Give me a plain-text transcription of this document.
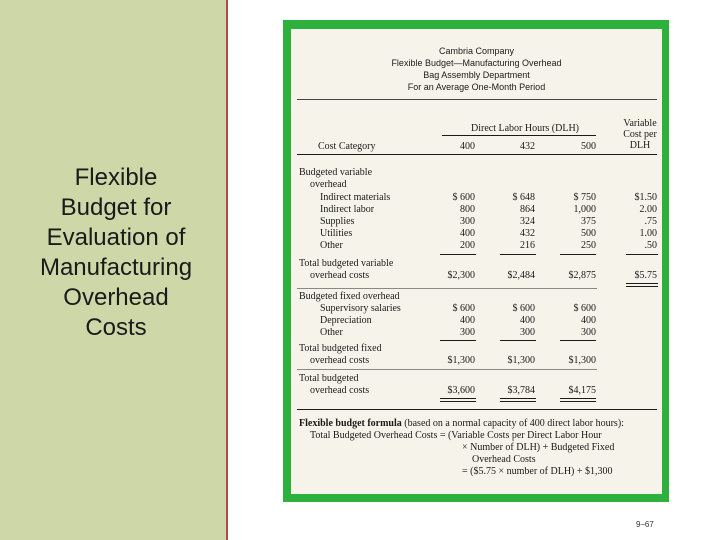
Flexible
Budget for
Evaluation of
Manufacturing
Overhead
Costs
Cambria Company
Flexible Budget—Manufacturing Overhead
Bag Assembly Department
For an Average One-Month Period
Variable
Cost per
DLH
Direct Labor Hours (DLH)
Cost Category	400	432	500
Budgeted variable
overhead
Indirect materials	$ 600	$ 648	$ 750	$1.50
Indirect labor	800	864	1,000	2.00
Supplies	300	324	375	.75
Utilities	400	432	500	1.00
Other	200	216	250	.50
Total budgeted variable
overhead costs	$2,300	$2,484	$2,875	$5.75
Budgeted fixed overhead
Supervisory salaries	$ 600	$ 600	$ 600
Depreciation	400	400	400
Other	300	300	300
Total budgeted fixed
overhead costs	$1,300	$1,300	$1,300
Total budgeted
overhead costs	$3,600	$3,784	$4,175
Flexible budget formula (based on a normal capacity of 400 direct labor hours):
Total Budgeted Overhead Costs = (Variable Costs per Direct Labor Hour
× Number of DLH) + Budgeted Fixed
Overhead Costs
= ($5.75 × number of DLH) + $1,300
9–67
